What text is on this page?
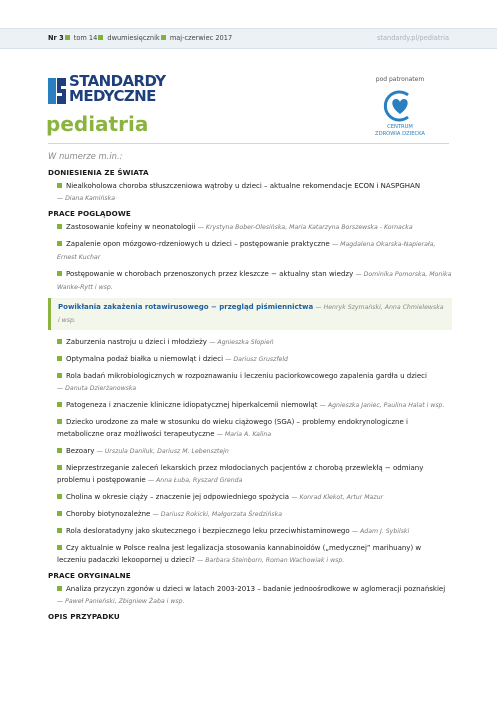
Nr 3 tom 14 dwumiesięcznik maj-czerwiec 2017	standardy.pl/pediatria
STANDARDY
MEDYCZNE
pediatria
pod patronatem
CENTRUM
ZDROWIA DZIECKA
W numerze m.in.:
DONIESIENIA ZE ŚWIATA
Niealkoholowa choroba stłuszczeniowa wątroby u dzieci – aktualne rekomendacje ECON i NASPGHAN
— Diana Kamińska
PRACE POGLĄDOWE
Zastosowanie kofeiny w neonatologii — Krystyna Bober-Olesińska, Maria Katarzyna Borszewska - Kornacka
Zapalenie opon mózgowo-rdzeniowych u dzieci – postępowanie praktyczne — Magdalena Okarska-Napierała, Ernest Kuchar
Postępowanie w chorobach przenoszonych przez kleszcze − aktualny stan wiedzy — Dominika Pomorska, Monika Wanke-Rytt i wsp.
Powikłania zakażenia rotawirusowego − przegląd piśmiennictwa — Henryk Szymański, Anna Chmielewska i wsp.
Zaburzenia nastroju u dzieci i młodzieży — Agnieszka Słopień
Optymalna podaż białka u niemowląt i dzieci — Dariusz Gruszfeld
Rola badań mikrobiologicznych w rozpoznawaniu i leczeniu paciorkowcowego zapalenia gardła u dzieci
— Danuta Dzierżanowska
Patogeneza i znaczenie kliniczne idiopatycznej hiperkalcemii niemowląt — Agnieszka Janiec, Paulina Halat i wsp.
Dziecko urodzone za małe w stosunku do wieku ciążowego (SGA) – problemy endokrynologiczne i metaboliczne oraz możliwości terapeutyczne — Maria A. Kalina
Bezoary — Urszula Daniluk, Dariusz M. Lebensztejn
Nieprzestrzeganie zaleceń lekarskich przez młodocianych pacjentów z chorobą przewlekłą − odmiany problemu i postępowanie — Anna Łuba, Ryszard Grenda
Cholina w okresie ciąży – znaczenie jej odpowiedniego spożycia — Konrad Klekot, Artur Mazur
Choroby biotynozależne — Dariusz Rokicki, Małgorzata Średzińska
Rola desloratadyny jako skutecznego i bezpiecznego leku przeciwhistaminowego — Adam J. Sybilski
Czy aktualnie w Polsce realna jest legalizacja stosowania kannabinoidów („medycznej” marihuany) w leczeniu padaczki lekoopornej u dzieci? — Barbara Steinborn, Roman Wachowiak i wsp.
PRACE ORYGINALNE
Analiza przyczyn zgonów u dzieci w latach 2003-2013 – badanie jednoośrodkowe w aglomeracji poznańskiej — Paweł Panieński, Zbigniew Żaba i wsp.
OPIS PRZYPADKU
